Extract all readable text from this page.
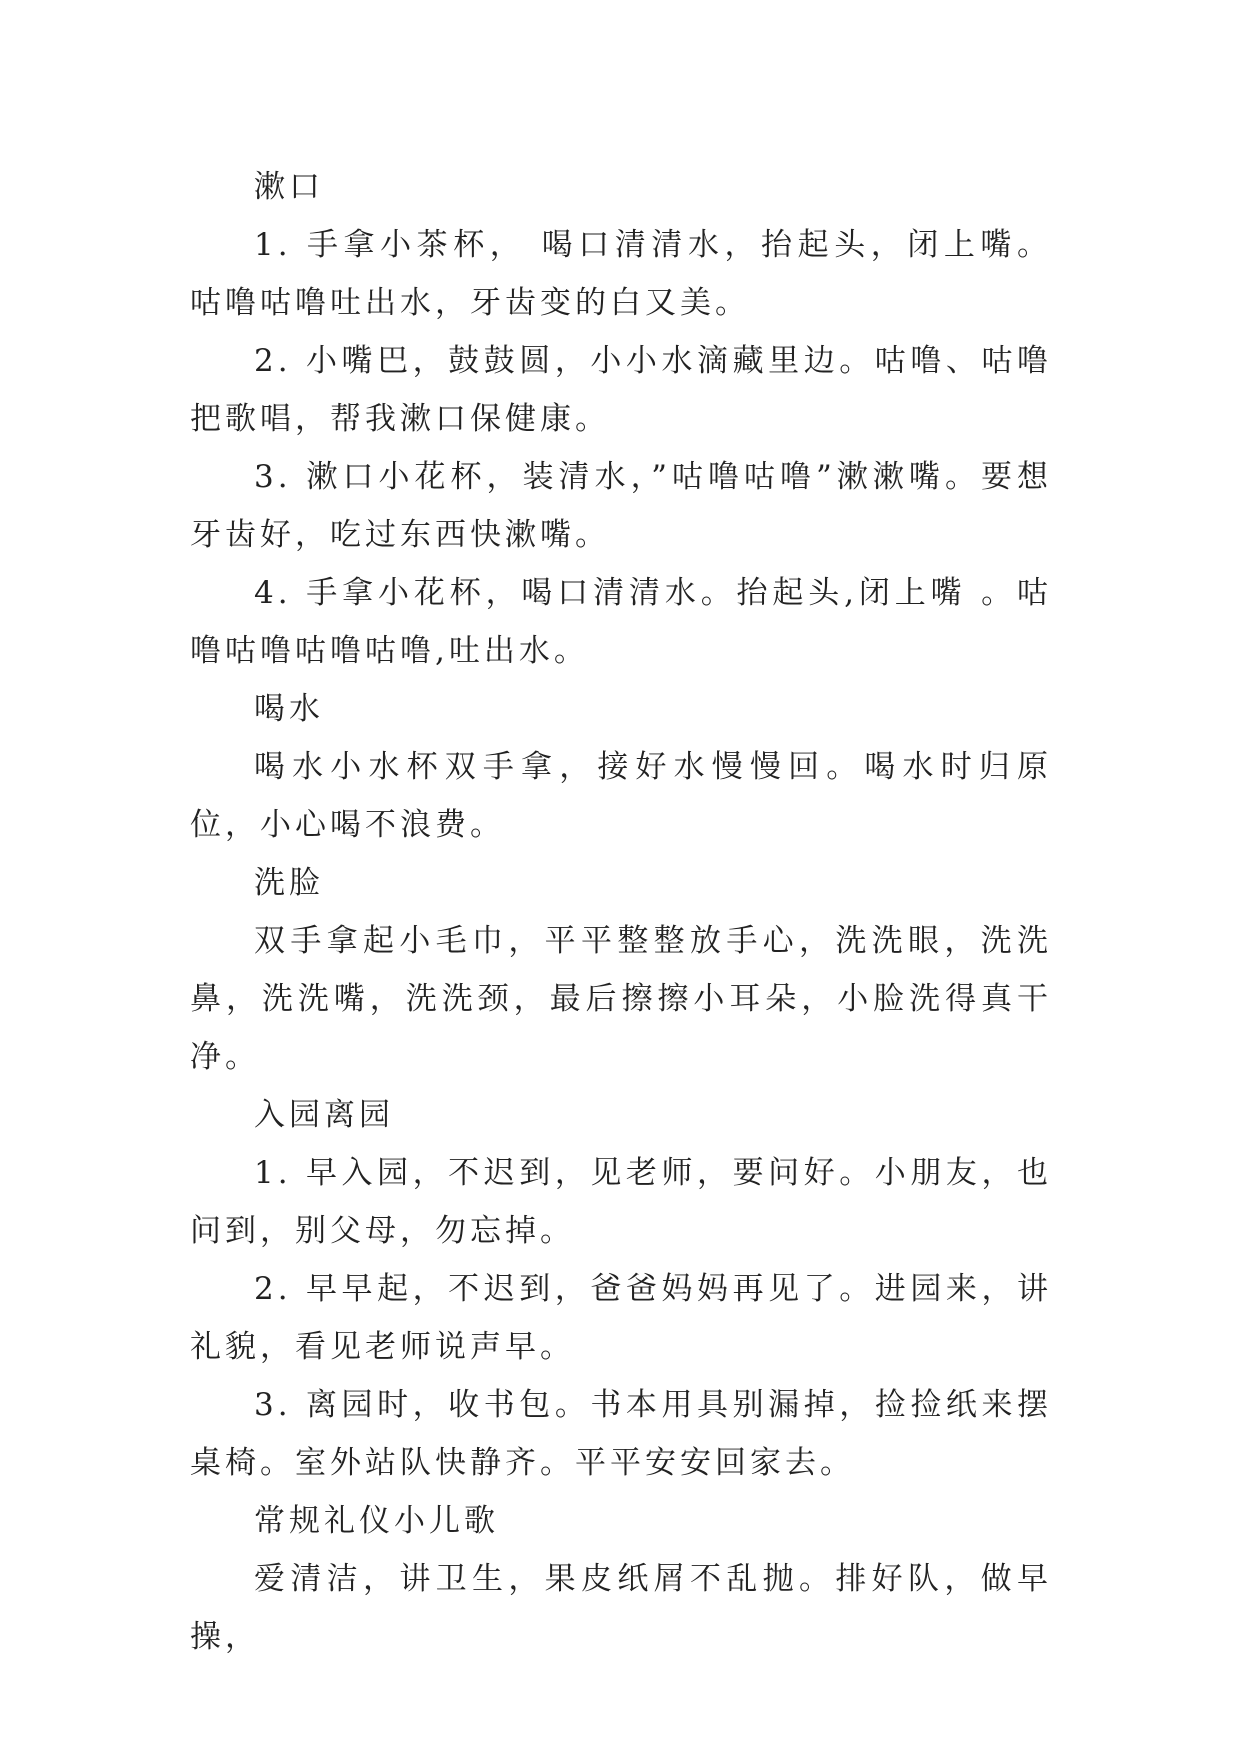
漱口

1. 手拿小茶杯， 喝口清清水，抬起头，闭上嘴。咕噜咕噜吐出水，牙齿变的白又美。

2. 小嘴巴，鼓鼓圆，小小水滴藏里边。咕噜、咕噜把歌唱，帮我漱口保健康。

3. 漱口小花杯，装清水，”咕噜咕噜”漱漱嘴。要想牙齿好，吃过东西快漱嘴。

4. 手拿小花杯，喝口清清水。抬起头,闭上嘴 。咕噜咕噜咕噜咕噜,吐出水。

喝水

喝水小水杯双手拿，接好水慢慢回。喝水时归原位，小心喝不浪费。

洗脸

双手拿起小毛巾，平平整整放手心，洗洗眼，洗洗鼻，洗洗嘴，洗洗颈，最后擦擦小耳朵，小脸洗得真干净。

入园离园

1. 早入园，不迟到，见老师，要问好。小朋友，也问到，别父母，勿忘掉。

2. 早早起，不迟到，爸爸妈妈再见了。进园来，讲礼貌，看见老师说声早。

3. 离园时，收书包。书本用具别漏掉，捡捡纸来摆桌椅。室外站队快静齐。平平安安回家去。

常规礼仪小儿歌

爱清洁，讲卫生，果皮纸屑不乱抛。排好队，做早操，
